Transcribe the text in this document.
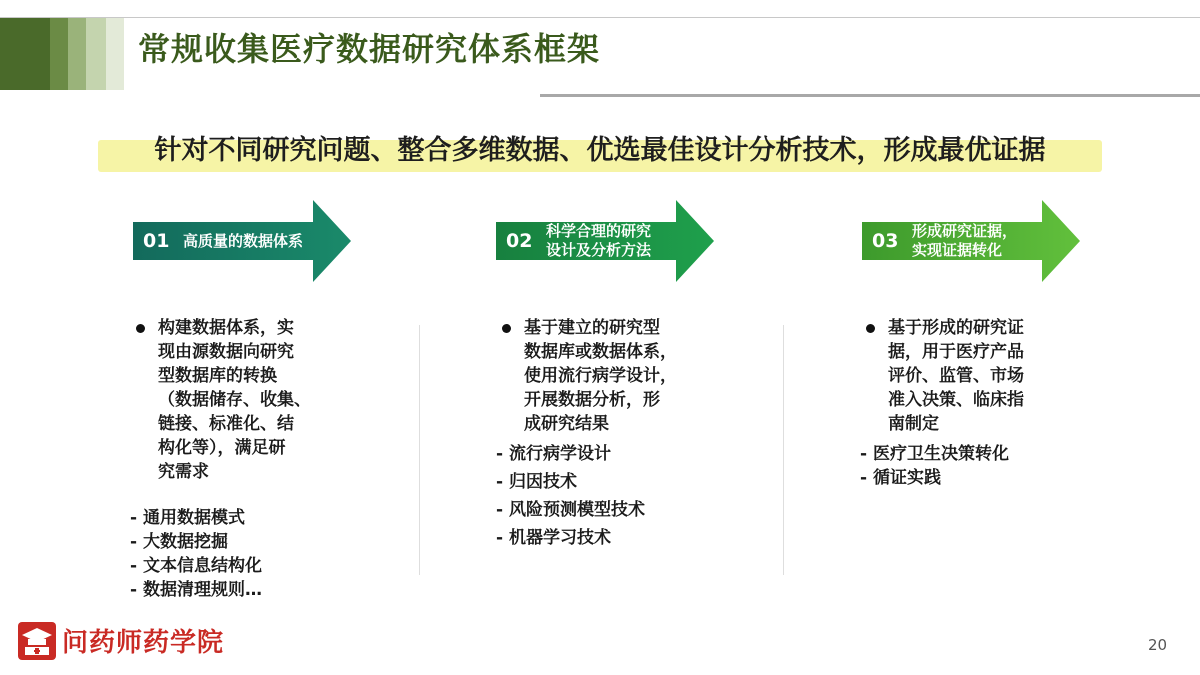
常规收集医疗数据研究体系框架
针对不同研究问题、整合多维数据、优选最佳设计分析技术，形成最优证据
01 高质量的数据体系	02 科学合理的研究
设计及分析方法	03 形成研究证据，
实现证据转化
构建数据体系，实
现由源数据向研究
型数据库的转换
（数据储存、收集、
链接、标准化、结
构化等），满足研
究需求
- 通用数据模式
- 大数据挖掘
- 文本信息结构化
- 数据清理规则…
基于建立的研究型
数据库或数据体系，
使用流行病学设计，
开展数据分析，形
成研究结果
- 流行病学设计
- 归因技术
- 风险预测模型技术
- 机器学习技术
基于形成的研究证
据，用于医疗产品
评价、监管、市场
准入决策、临床指
南制定
- 医疗卫生决策转化
- 循证实践
问药师药学院	20
